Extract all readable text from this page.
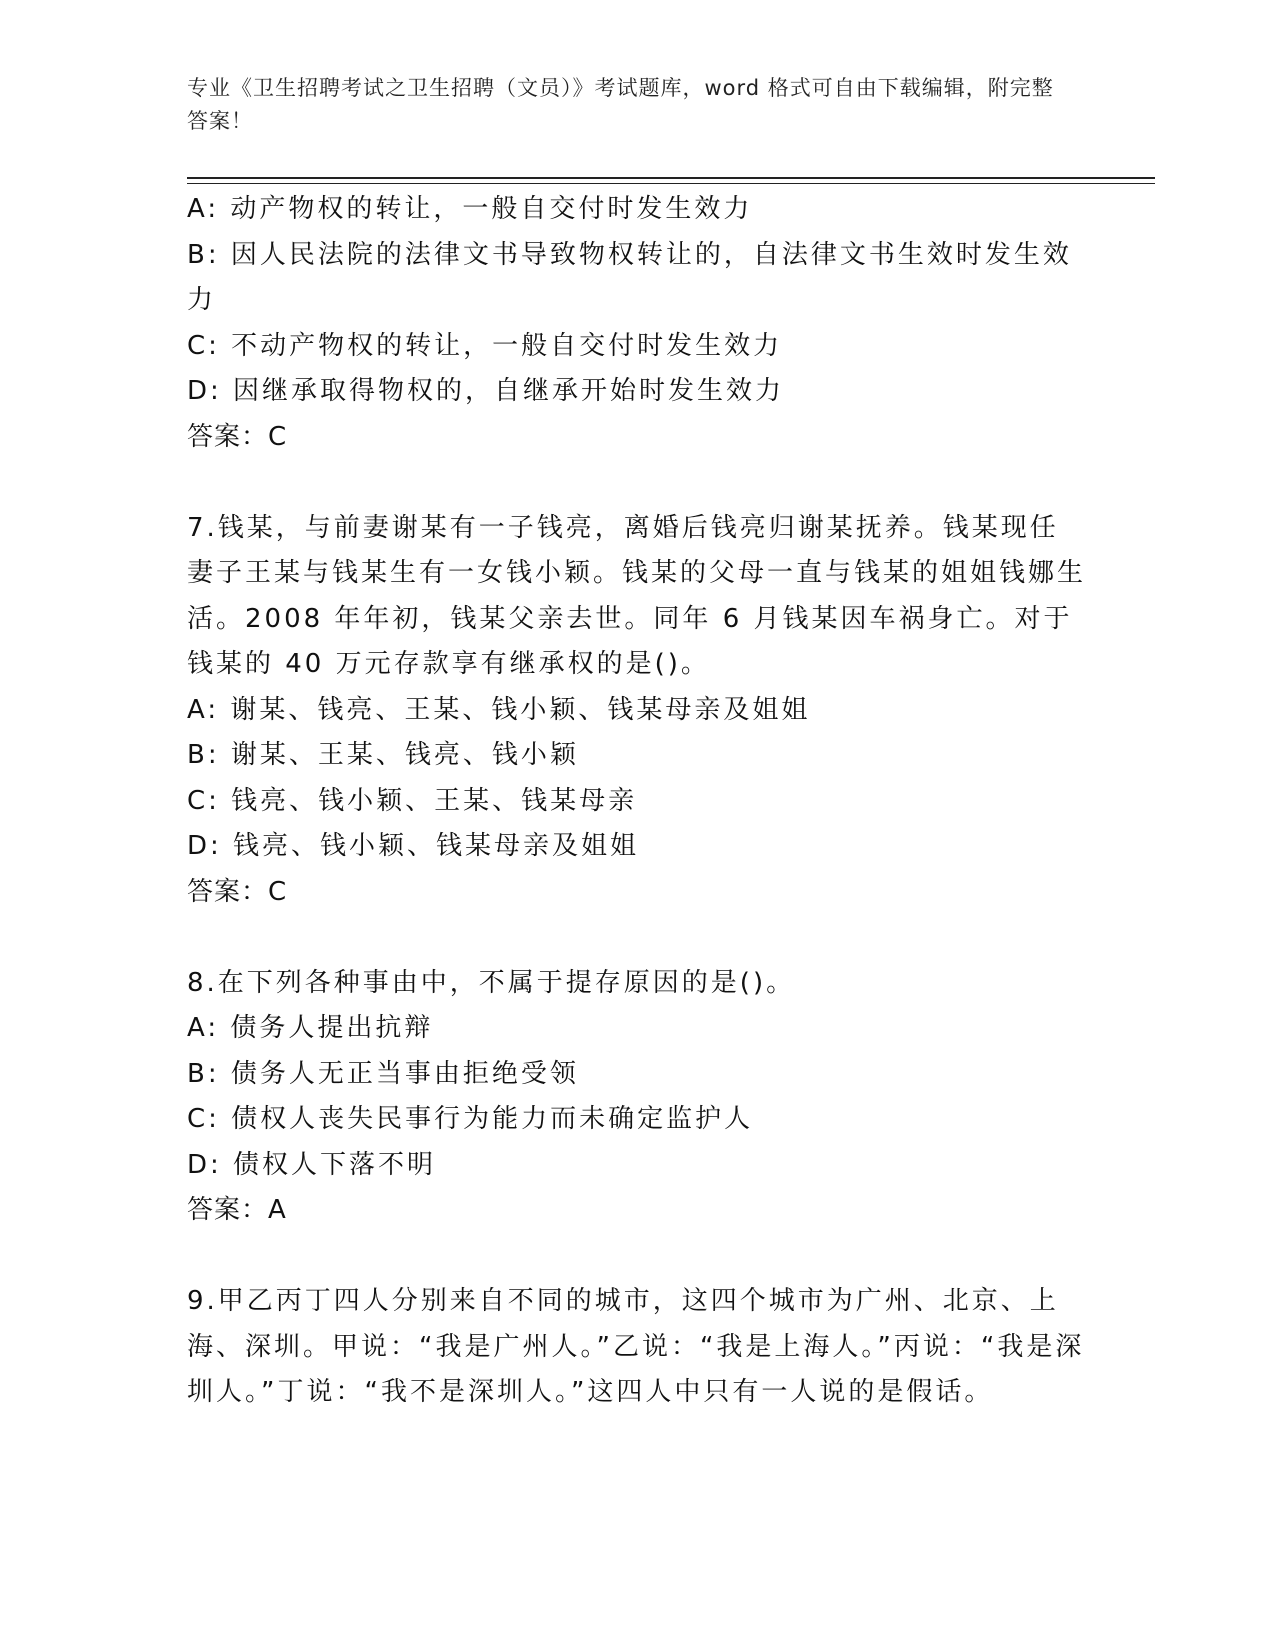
专业《卫生招聘考试之卫生招聘（文员）》考试题库，word 格式可自由下载编辑，附完整答案！
A: 动产物权的转让，一般自交付时发生效力
B: 因人民法院的法律文书导致物权转让的，自法律文书生效时发生效力
C: 不动产物权的转让，一般自交付时发生效力
D: 因继承取得物权的，自继承开始时发生效力
答案：C
7.钱某，与前妻谢某有一子钱亮，离婚后钱亮归谢某抚养。钱某现任妻子王某与钱某生有一女钱小颖。钱某的父母一直与钱某的姐姐钱娜生活。2008 年年初，钱某父亲去世。同年 6 月钱某因车祸身亡。对于钱某的 40 万元存款享有继承权的是()。
A: 谢某、钱亮、王某、钱小颖、钱某母亲及姐姐
B: 谢某、王某、钱亮、钱小颖
C: 钱亮、钱小颖、王某、钱某母亲
D: 钱亮、钱小颖、钱某母亲及姐姐
答案：C
8.在下列各种事由中，不属于提存原因的是()。
A: 债务人提出抗辩
B: 债务人无正当事由拒绝受领
C: 债权人丧失民事行为能力而未确定监护人
D: 债权人下落不明
答案：A
9.甲乙丙丁四人分别来自不同的城市，这四个城市为广州、北京、上海、深圳。甲说：“我是广州人。”乙说：“我是上海人。”丙说：“我是深圳人。”丁说：“我不是深圳人。”这四人中只有一人说的是假话。
